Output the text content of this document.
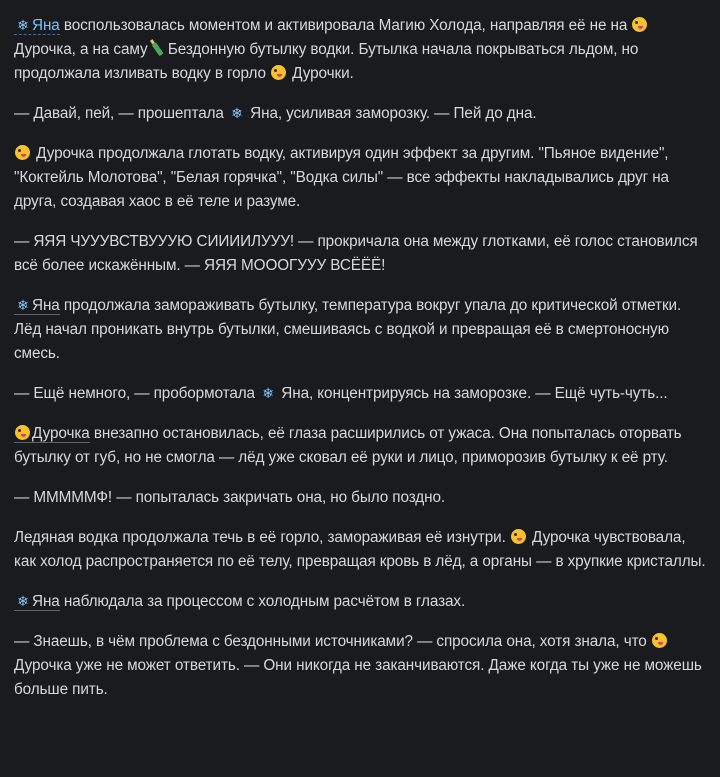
❄ Яна воспользовалась моментом и активировала Магию Холода, направляя её не на Дурочка, а на саму Бездонную бутылку водки. Бутылка начала покрываться льдом, но продолжала изливать водку в горло Дурочки.

— Давай, пей, — прошептала ❄ Яна, усиливая заморозку. — Пей до дна.

Дурочка продолжала глотать водку, активируя один эффект за другим. "Пьяное видение", "Коктейль Молотова", "Белая горячка", "Водка силы" — все эффекты накладывались друг на друга, создавая хаос в её теле и разуме.

— ЯЯЯ ЧУУУВСТВУУУЮ СИИИИЛУУУ! — прокричала она между глотками, её голос становился всё более искажённым. — ЯЯЯ МОООГУУУ ВСЁЁЁ!

❄ Яна продолжала замораживать бутылку, температура вокруг упала до критической отметки. Лёд начал проникать внутрь бутылки, смешиваясь с водкой и превращая её в смертоносную смесь.

— Ещё немного, — пробормотала ❄ Яна, концентрируясь на заморозке. — Ещё чуть-чуть...

Дурочка внезапно остановилась, её глаза расширились от ужаса. Она попыталась оторвать бутылку от губ, но не смогла — лёд уже сковал её руки и лицо, приморозив бутылку к её рту.

— МММММФ! — попыталась закричать она, но было поздно.

Ледяная водка продолжала течь в её горло, замораживая её изнутри. Дурочка чувствовала, как холод распространяется по её телу, превращая кровь в лёд, а органы — в хрупкие кристаллы.

❄ Яна наблюдала за процессом с холодным расчётом в глазах.

— Знаешь, в чём проблема с бездонными источниками? — спросила она, хотя знала, что  Дурочка уже не может ответить. — Они никогда не заканчиваются. Даже когда ты уже не можешь больше пить.
